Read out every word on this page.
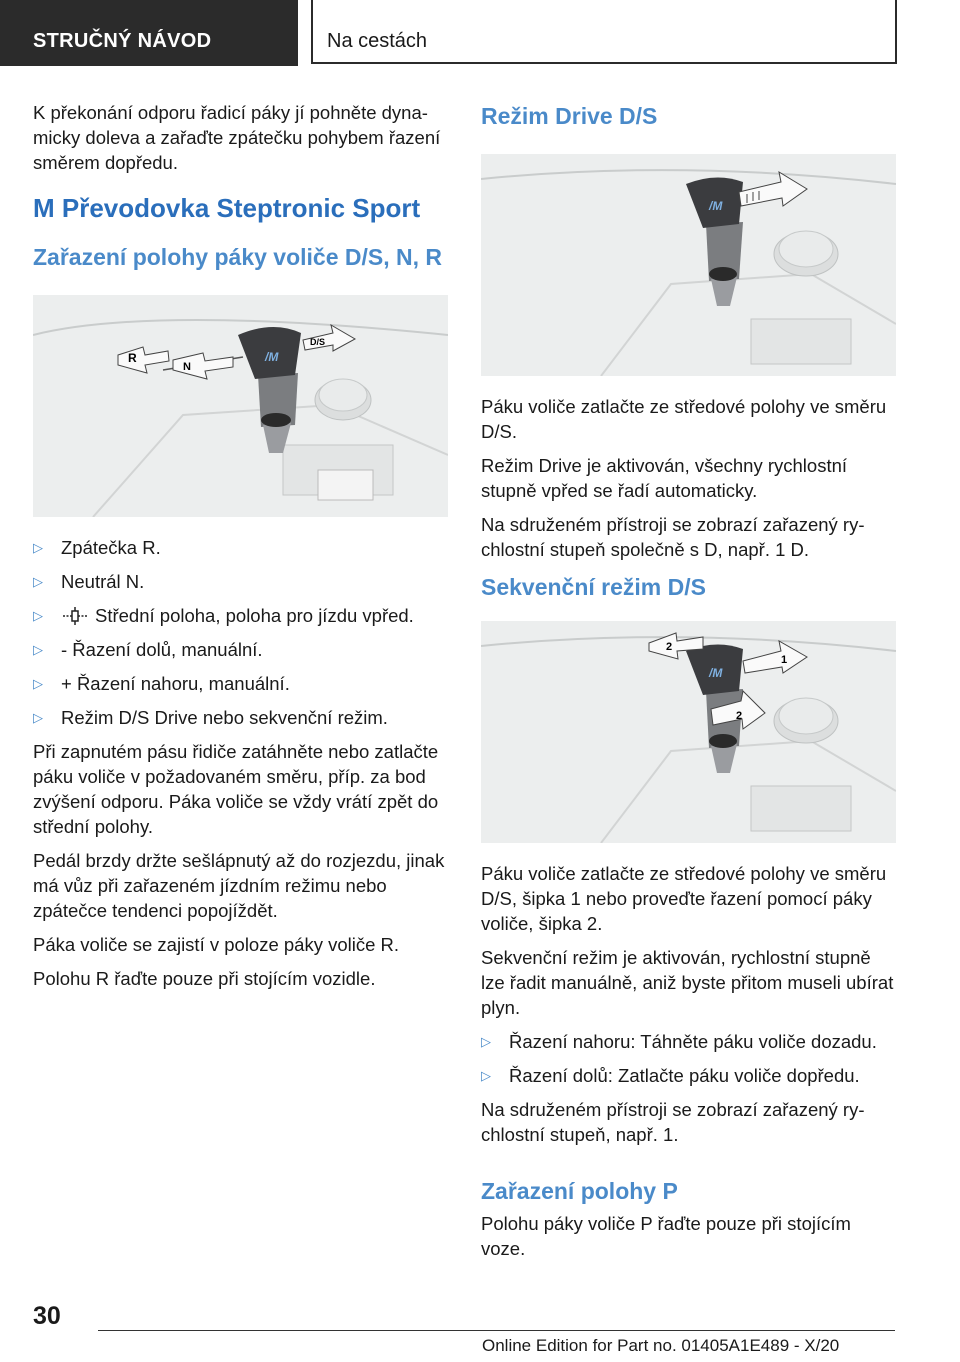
STRUČNÝ NÁVOD	Na cestách

K překonání odporu řadicí páky jí pohněte dynamicky doleva a zařaďte zpátečku pohybem řazení směrem dopředu.

M Převodovka Steptronic Sport
Zařazení polohy páky voliče D/S, N, R
/M
N
R
D/S
▷ Zpátečka R.
▷ Neutrál N.
▷	Střední poloha, poloha pro jízdu vpřed.
▷ - Řazení dolů, manuální.
▷ + Řazení nahoru, manuální.
▷ Režim D/S Drive nebo sekvenční režim.

Při zapnutém pásu řidiče zatáhněte nebo zatlačte páku voliče v požadovaném směru, příp. za bod zvýšení odporu. Páka voliče se vždy vrátí zpět do střední polohy.

Pedál brzdy držte sešlápnutý až do rozjezdu, jinak má vůz při zařazeném jízdním režimu nebo zpátečce tendenci popojíždět.

Páka voliče se zajistí v poloze páky voliče R.

Polohu R řaďte pouze při stojícím vozidle.

Režim Drive D/S
/M

Páku voliče zatlačte ze středové polohy ve směru D/S.

Režim Drive je aktivován, všechny rychlostní stupně vpřed se řadí automaticky.

Na sdruženém přístroji se zobrazí zařazený rychlostní stupeň společně s D, např. 1 D.

Sekvenční režim D/S
/M
2
1
2

Páku voliče zatlačte ze středové polohy ve směru D/S, šipka 1 nebo proveďte řazení pomocí páky voliče, šipka 2.

Sekvenční režim je aktivován, rychlostní stupně lze řadit manuálně, aniž byste přitom museli ubírat plyn.

▷ Řazení nahoru: Táhněte páku voliče dozadu.
▷ Řazení dolů: Zatlačte páku voliče dopředu.

Na sdruženém přístroji se zobrazí zařazený rychlostní stupeň, např. 1.

Zařazení polohy P

Polohu páky voliče P řaďte pouze při stojícím voze.

30
Online Edition for Part no. 01405A1E489 - X/20
